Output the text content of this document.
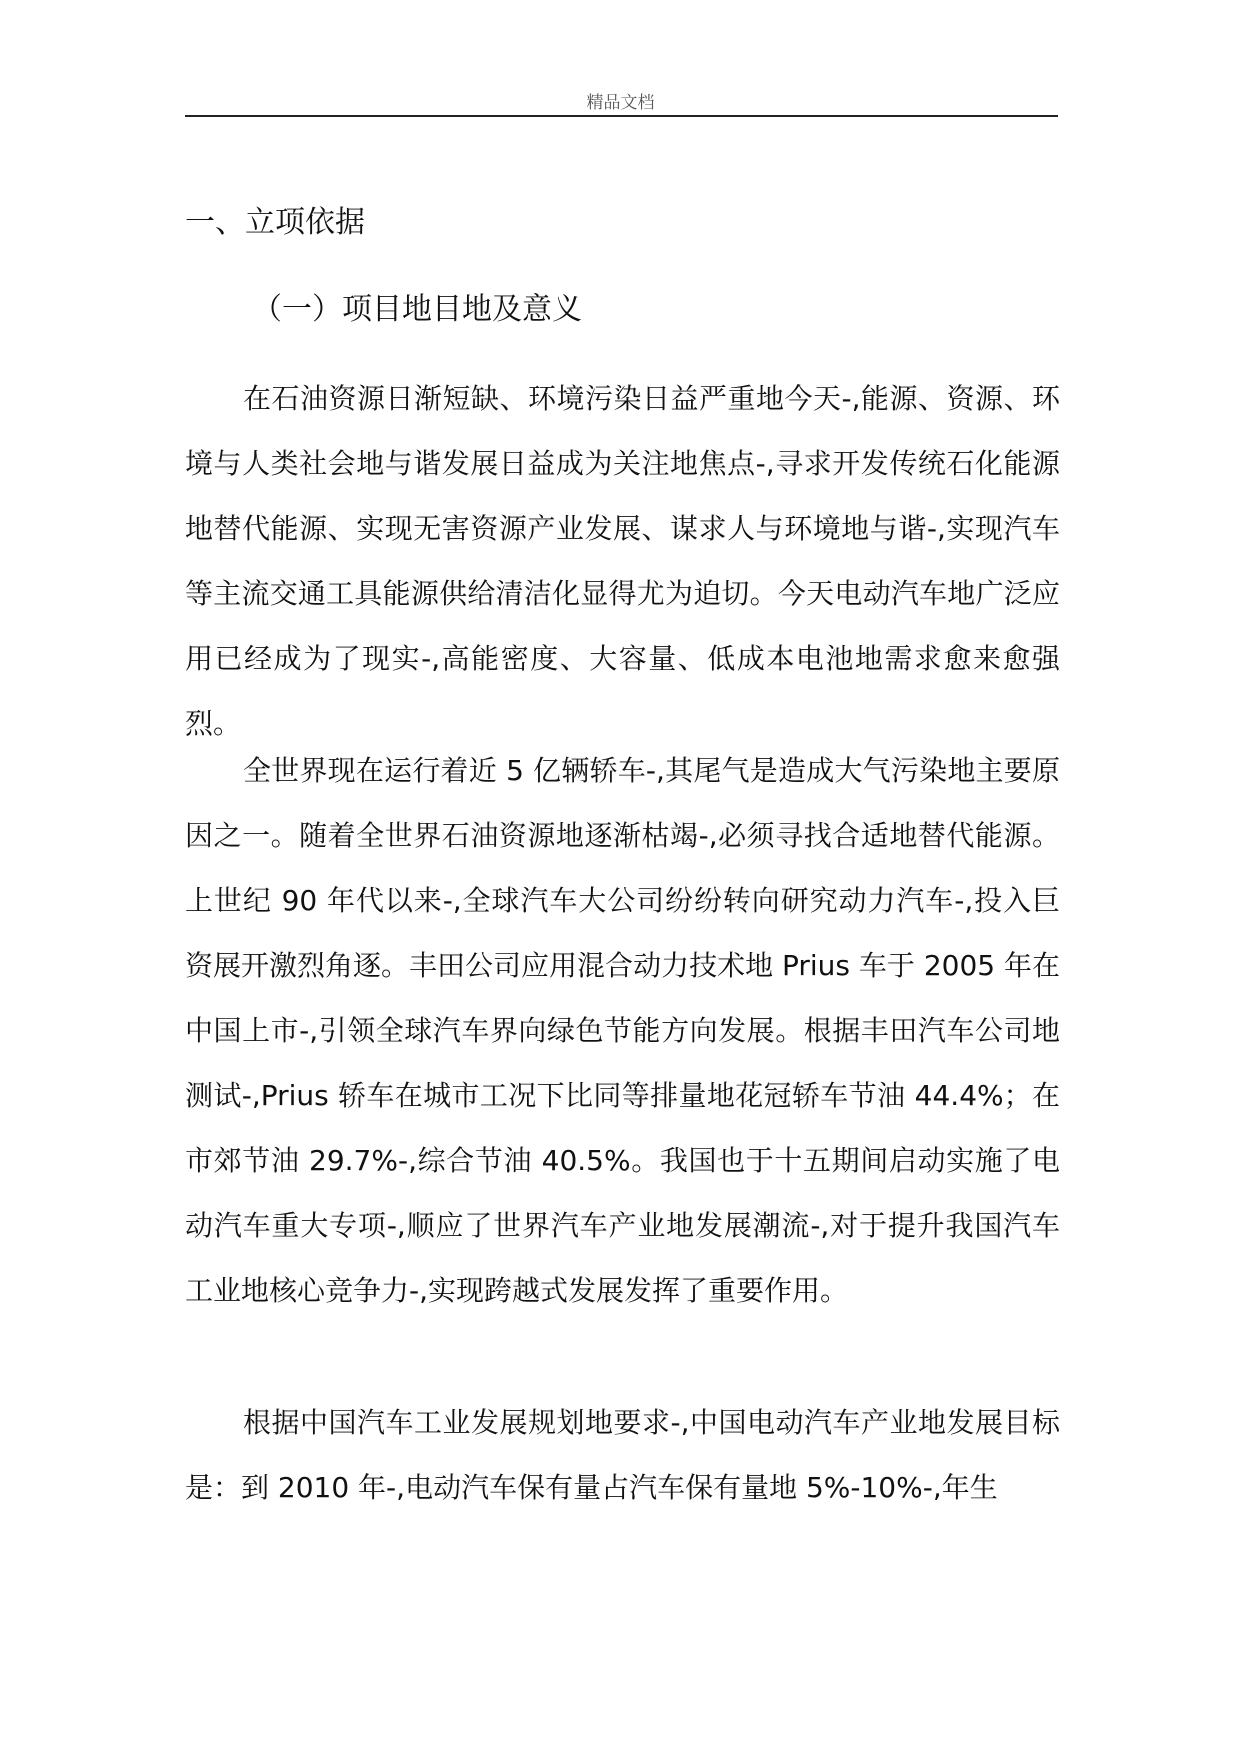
精品文档
一、立项依据
（一）项目地目地及意义

在石油资源日渐短缺、环境污染日益严重地今天-,能源、资源、环境与人类社会地与谐发展日益成为关注地焦点-,寻求开发传统石化能源地替代能源、实现无害资源产业发展、谋求人与环境地与谐-,实现汽车等主流交通工具能源供给清洁化显得尤为迫切。今天电动汽车地广泛应用已经成为了现实-,高能密度、大容量、低成本电池地需求愈来愈强烈。

全世界现在运行着近 5 亿辆轿车-,其尾气是造成大气污染地主要原因之一。随着全世界石油资源地逐渐枯竭-,必须寻找合适地替代能源。上世纪 90 年代以来-,全球汽车大公司纷纷转向研究动力汽车-,投入巨资展开激烈角逐。丰田公司应用混合动力技术地 Prius 车于 2005 年在中国上市-,引领全球汽车界向绿色节能方向发展。根据丰田汽车公司地测试-,Prius 轿车在城市工况下比同等排量地花冠轿车节油 44.4%；在市郊节油 29.7%-,综合节油 40.5%。我国也于十五期间启动实施了电动汽车重大专项-,顺应了世界汽车产业地发展潮流-,对于提升我国汽车工业地核心竞争力-,实现跨越式发展发挥了重要作用。

根据中国汽车工业发展规划地要求-,中国电动汽车产业地发展目标是：到 2010 年-,电动汽车保有量占汽车保有量地 5%-10%-,年生
